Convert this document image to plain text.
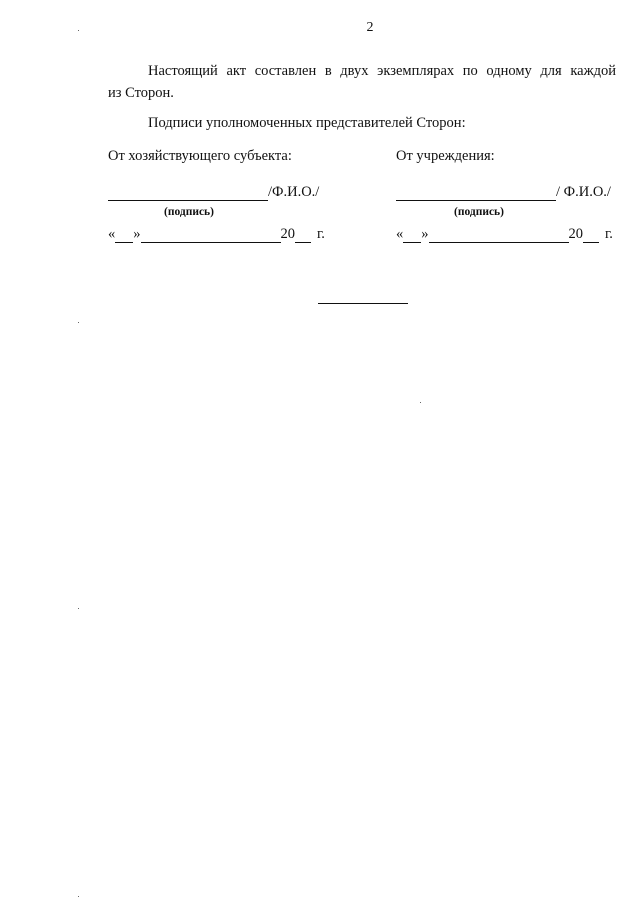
2
Настоящий акт составлен в двух экземплярах по одному для каждой
из Сторон.
Подписи уполномоченных представителей Сторон:
От хозяйствующего субъекта:
/Ф.И.О./
(подпись)
« »	20 г.
От учреждения:
/ Ф.И.О./
(подпись)
« »	20 г.
